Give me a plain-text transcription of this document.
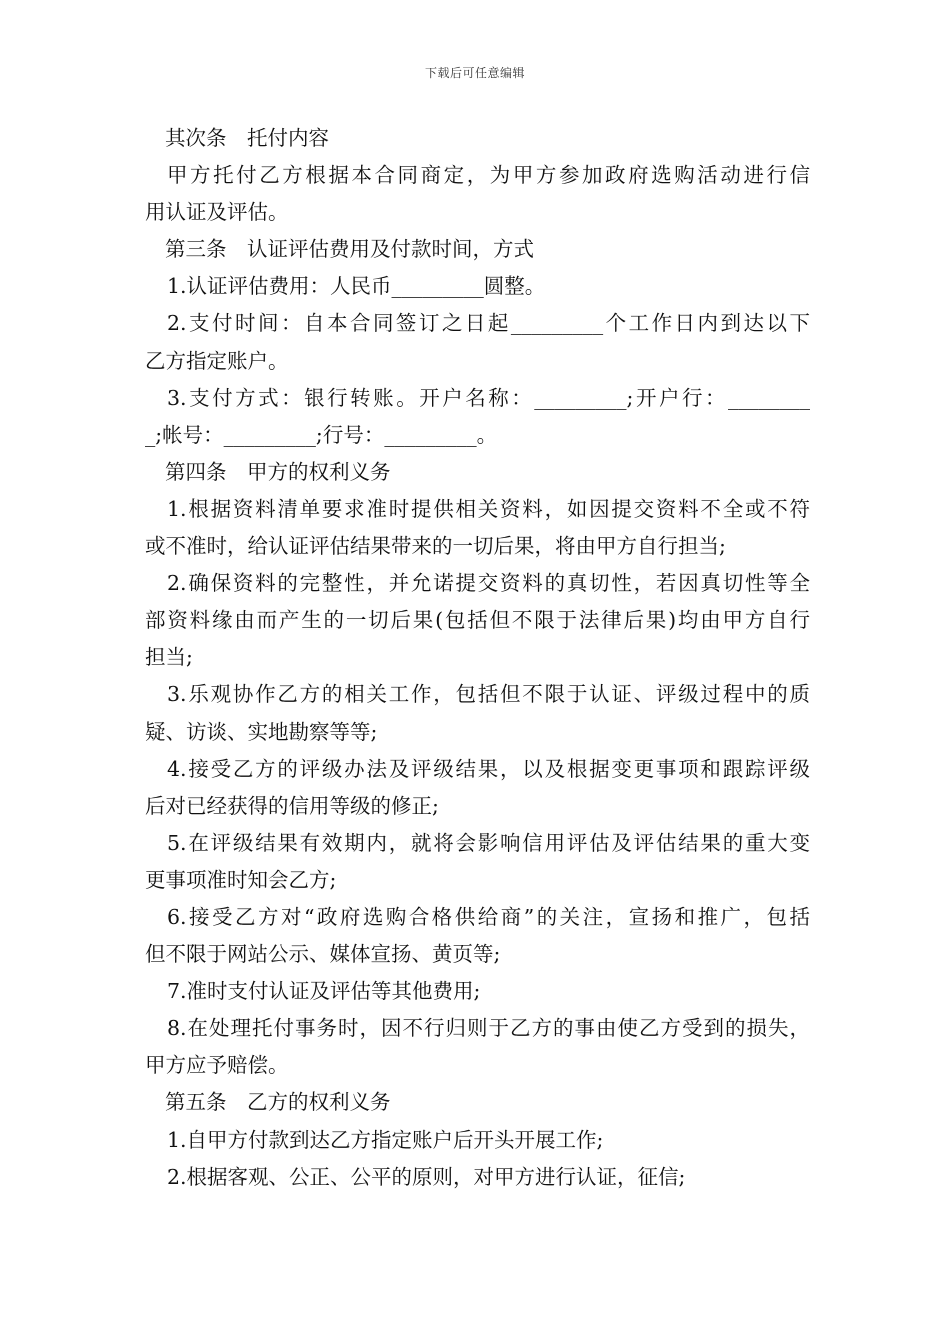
下载后可任意编辑
其次条　托付内容
甲方托付乙方根据本合同商定，为甲方参加政府选购活动进行信
用认证及评估。
第三条　认证评估费用及付款时间，方式
1.认证评估费用：人民币_________圆整。
2.支付时间：自本合同签订之日起_________个工作日内到达以下
乙方指定账户。
3.支付方式：银行转账。开户名称：_________;开户行：________
_;帐号：_________;行号：_________。
第四条　甲方的权利义务
1.根据资料清单要求准时提供相关资料，如因提交资料不全或不符
或不准时，给认证评估结果带来的一切后果，将由甲方自行担当;
2.确保资料的完整性，并允诺提交资料的真切性，若因真切性等全
部资料缘由而产生的一切后果(包括但不限于法律后果)均由甲方自行
担当;
3.乐观协作乙方的相关工作，包括但不限于认证、评级过程中的质
疑、访谈、实地勘察等等;
4.接受乙方的评级办法及评级结果，以及根据变更事项和跟踪评级
后对已经获得的信用等级的修正;
5.在评级结果有效期内，就将会影响信用评估及评估结果的重大变
更事项准时知会乙方;
6.接受乙方对“政府选购合格供给商”的关注，宣扬和推广，包括
但不限于网站公示、媒体宣扬、黄页等;
7.准时支付认证及评估等其他费用;
8.在处理托付事务时，因不行归则于乙方的事由使乙方受到的损失，
甲方应予赔偿。
第五条　乙方的权利义务
1.自甲方付款到达乙方指定账户后开头开展工作;
2.根据客观、公正、公平的原则，对甲方进行认证，征信;
